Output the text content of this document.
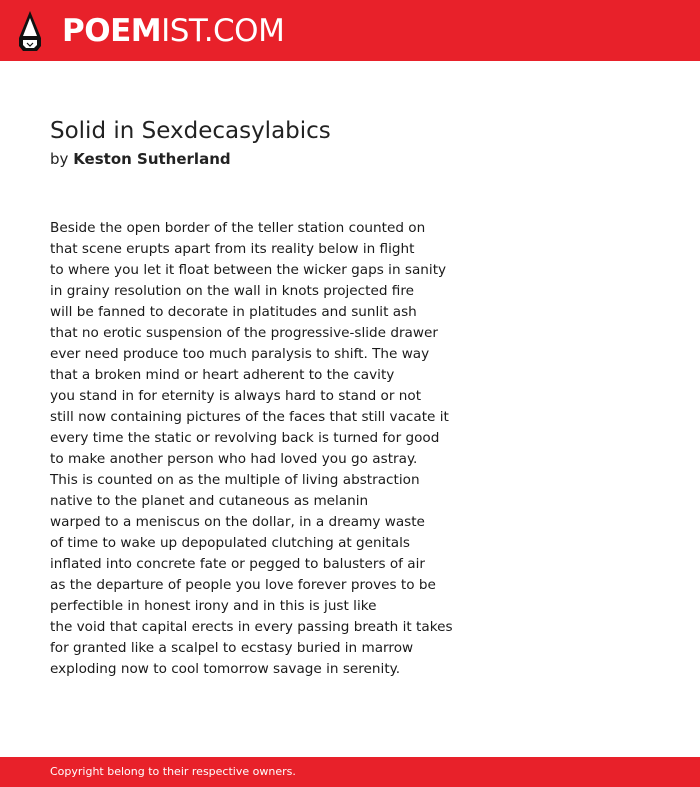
POEMIST.COM
Solid in Sexdecasylabics
by Keston Sutherland
Beside the open border of the teller station counted on
that scene erupts apart from its reality below in flight
to where you let it float between the wicker gaps in sanity
in grainy resolution on the wall in knots projected fire
will be fanned to decorate in platitudes and sunlit ash
that no erotic suspension of the progressive-slide drawer
ever need produce too much paralysis to shift. The way
that a broken mind or heart adherent to the cavity
you stand in for eternity is always hard to stand or not
still now containing pictures of the faces that still vacate it
every time the static or revolving back is turned for good
to make another person who had loved you go astray.
This is counted on as the multiple of living abstraction
native to the planet and cutaneous as melanin
warped to a meniscus on the dollar, in a dreamy waste
of time to wake up depopulated clutching at genitals
inflated into concrete fate or pegged to balusters of air
as the departure of people you love forever proves to be
perfectible in honest irony and in this is just like
the void that capital erects in every passing breath it takes
for granted like a scalpel to ecstasy buried in marrow
exploding now to cool tomorrow savage in serenity.
Copyright belong to their respective owners.
